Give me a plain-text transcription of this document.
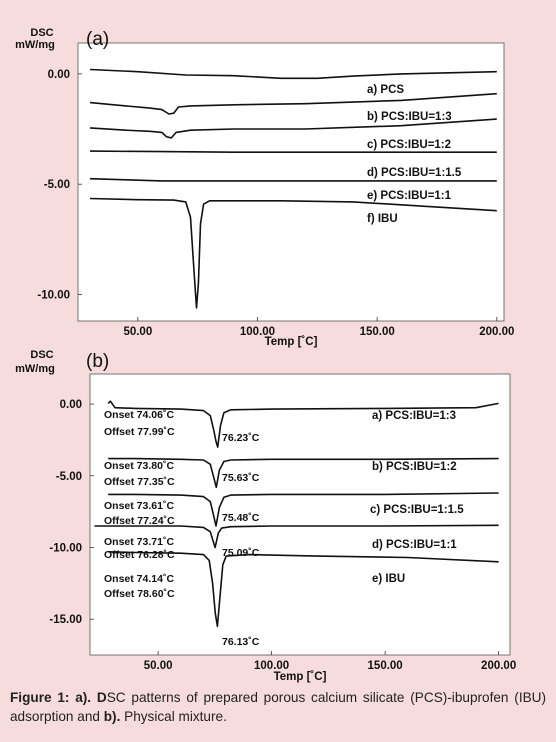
(a)
DSC
mW/mg
0.00
-5.00
-10.00
50.00	100.00	150.00	200.00
Temp [˚C]
a) PCS
b) PCS:IBU=1:3
c) PCS:IBU=1:2
d) PCS:IBU=1:1.5
e) PCS:IBU=1:1
f) IBU
(b)
DSC
mW/mg
0.00
-5.00
-10.00
-15.00
50.00	100.00	150.00	200.00
Temp [˚C]
a) PCS:IBU=1:3
Onset 74.06˚C
Offset 77.99˚C	76.23˚C
b) PCS:IBU=1:2
Onset 73.80˚C
Offset 77.35˚C	75.63˚C
c) PCS:IBU=1:1.5
Onset 73.61˚C
Offset 77.24˚C	75.48˚C
d) PCS:IBU=1:1
Onset 73.71˚C
Offset 76.28˚C	75.09˚C
e) IBU
Onset 74.14˚C
Offset 78.60˚C
76.13˚C
Figure 1: a). DSC patterns of prepared porous calcium silicate (PCS)-ibuprofen (IBU) adsorption and b). Physical mixture.
